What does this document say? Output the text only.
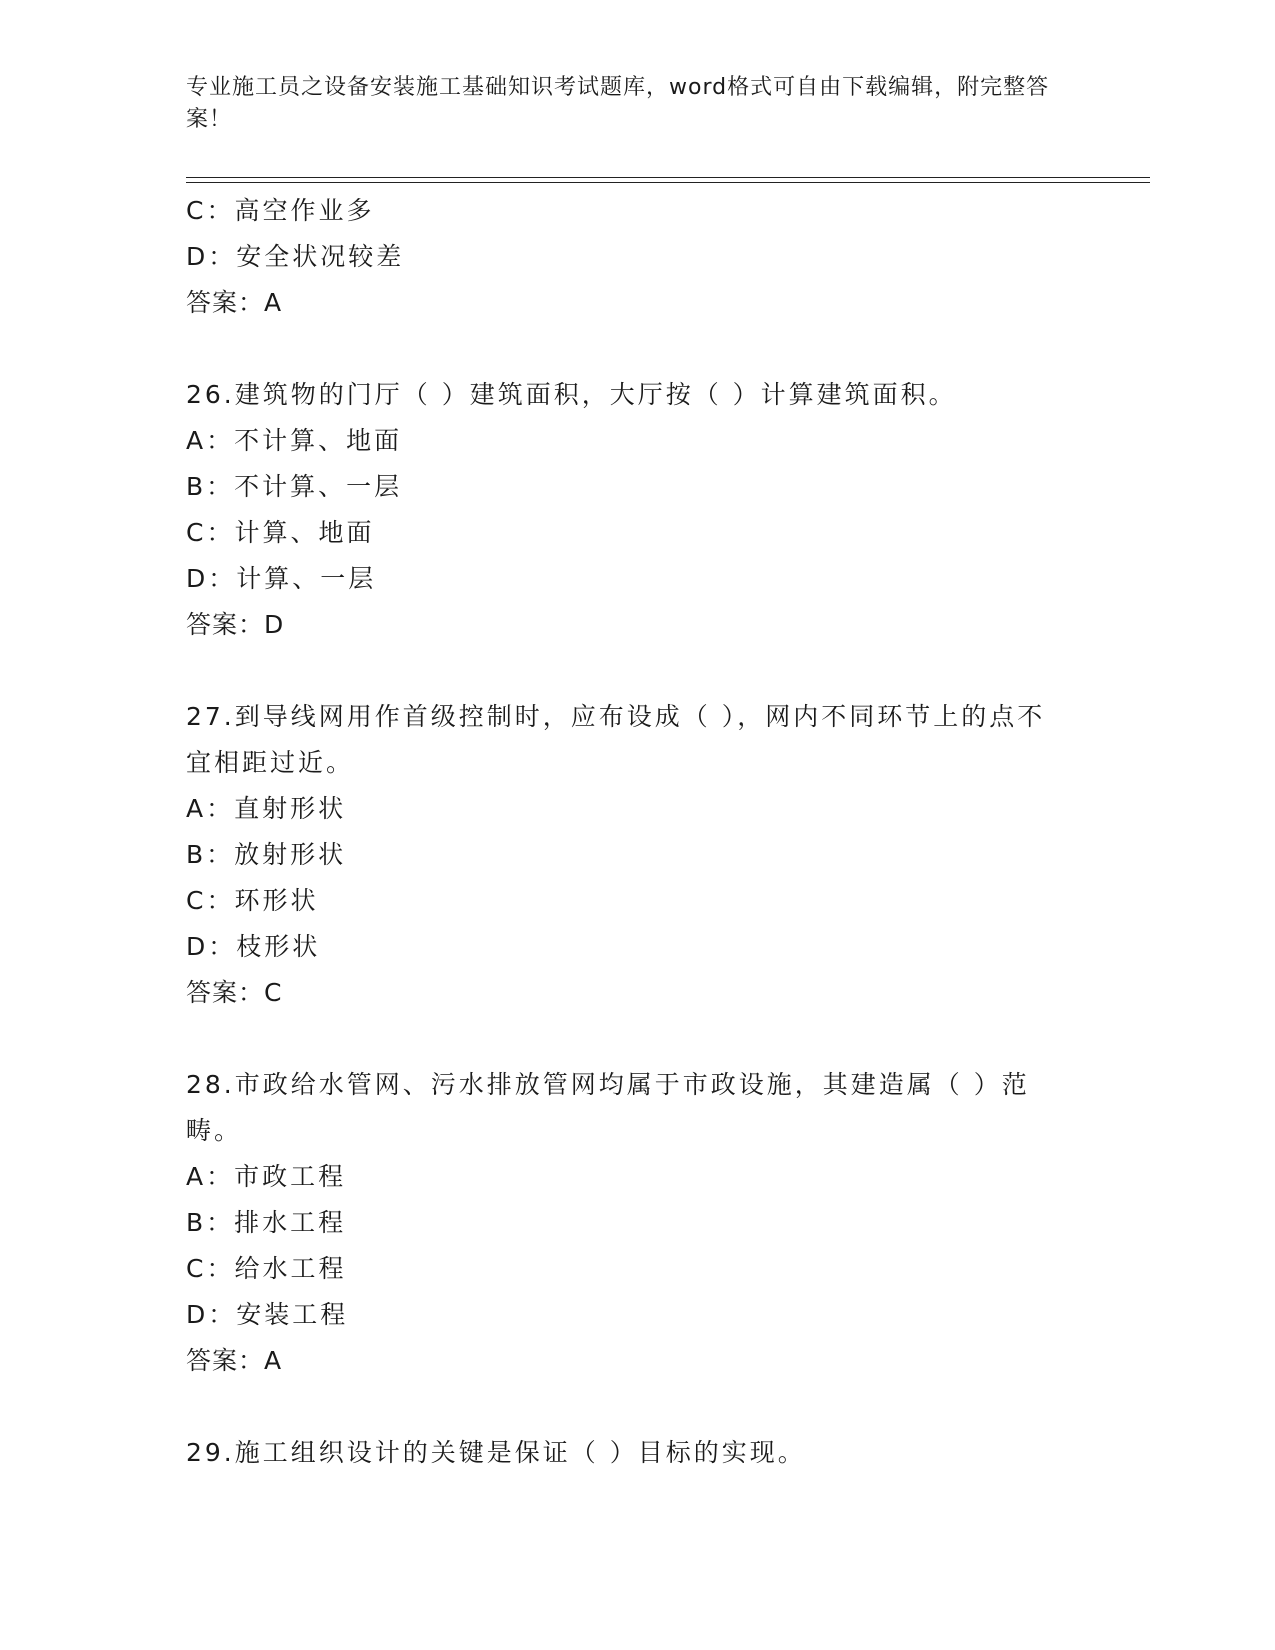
专业施工员之设备安装施工基础知识考试题库，word格式可自由下载编辑，附完整答案！
C：高空作业多
D：安全状况较差
答案：A
26.建筑物的门厅（ ）建筑面积，大厅按（ ）计算建筑面积。
A：不计算、地面
B：不计算、一层
C：计算、地面
D：计算、一层
答案：D
27.到导线网用作首级控制时，应布设成（ ），网内不同环节上的点不宜相距过近。
A：直射形状
B：放射形状
C：环形状
D：枝形状
答案：C
28.市政给水管网、污水排放管网均属于市政设施，其建造属（ ）范畴。
A：市政工程
B：排水工程
C：给水工程
D：安装工程
答案：A
29.施工组织设计的关键是保证（ ）目标的实现。
